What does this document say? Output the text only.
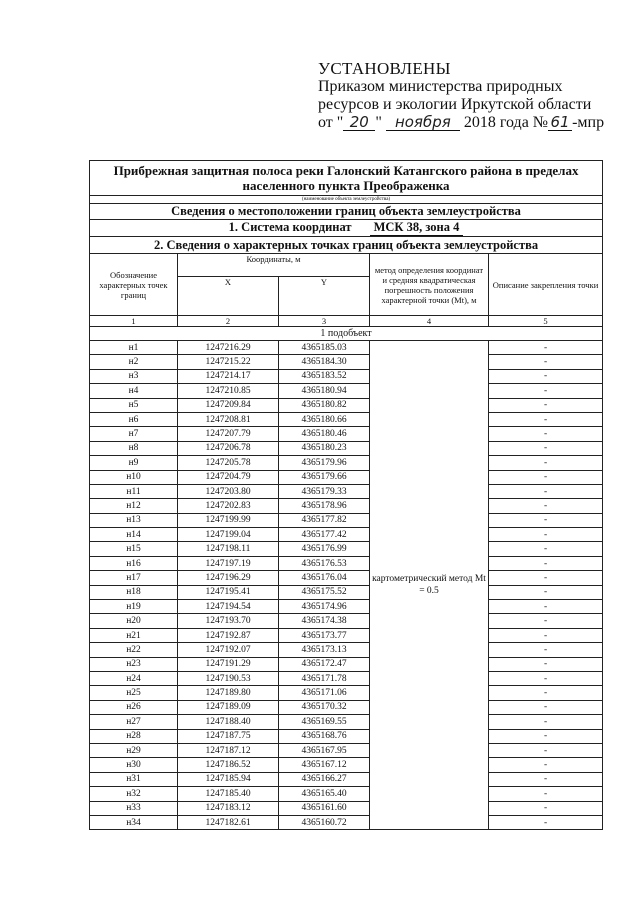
УСТАНОВЛЕНЫ
Приказом министерства природных
ресурсов и экологии Иркутской области
от " 20 " ноября 2018 года № 61 -мпр
Прибрежная защитная полоса реки Галонский Катангского района в пределах населенного пункта Преображенка				
(наименование объекта землеустройства)				
Сведения о местоположении границ объекта землеустройства				
1. Система координат МСК 38, зона 4				
2. Сведения о характерных точках границ объекта землеустройства				
Обозначение характерных точек границ	Координаты, м		метод определения координат и средняя квадратическая погрешность положения характерной точки (Mt), м	Описание закрепления точки
	X	Y		
1	2	3	4	5
1 подобъект				
н1	1247216.29	4365185.03	картометрический метод Mt = 0.5	-
н2	1247215.22	4365184.30		-
н3	1247214.17	4365183.52		-
н4	1247210.85	4365180.94		-
н5	1247209.84	4365180.82		-
н6	1247208.81	4365180.66		-
н7	1247207.79	4365180.46		-
н8	1247206.78	4365180.23		-
н9	1247205.78	4365179.96		-
н10	1247204.79	4365179.66		-
н11	1247203.80	4365179.33		-
н12	1247202.83	4365178.96		-
н13	1247199.99	4365177.82		-
н14	1247199.04	4365177.42		-
н15	1247198.11	4365176.99		-
н16	1247197.19	4365176.53		-
н17	1247196.29	4365176.04		-
н18	1247195.41	4365175.52		-
н19	1247194.54	4365174.96		-
н20	1247193.70	4365174.38		-
н21	1247192.87	4365173.77		-
н22	1247192.07	4365173.13		-
н23	1247191.29	4365172.47		-
н24	1247190.53	4365171.78		-
н25	1247189.80	4365171.06		-
н26	1247189.09	4365170.32		-
н27	1247188.40	4365169.55		-
н28	1247187.75	4365168.76		-
н29	1247187.12	4365167.95		-
н30	1247186.52	4365167.12		-
н31	1247185.94	4365166.27		-
н32	1247185.40	4365165.40		-
н33	1247183.12	4365161.60		-
н34	1247182.61	4365160.72		-
